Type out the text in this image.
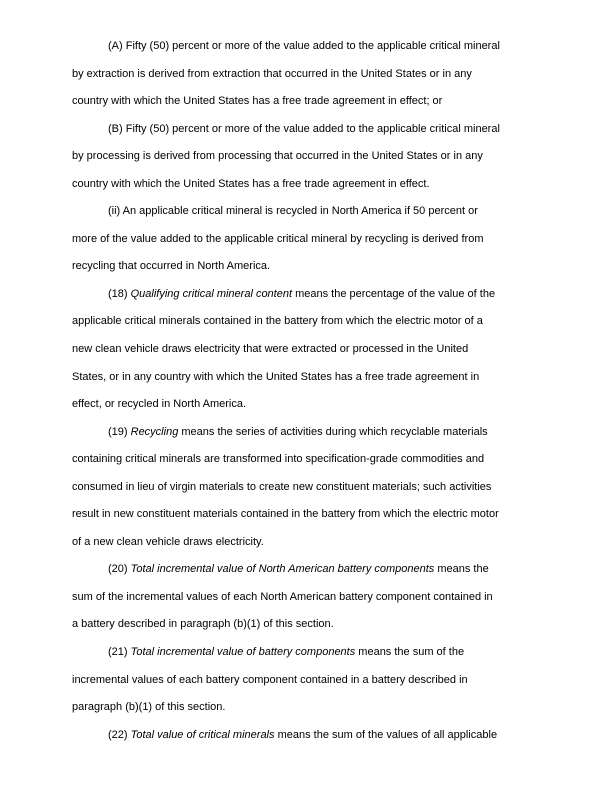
(A) Fifty (50) percent or more of the value added to the applicable critical mineral
by extraction is derived from extraction that occurred in the United States or in any
country with which the United States has a free trade agreement in effect; or

(B) Fifty (50) percent or more of the value added to the applicable critical mineral
by processing is derived from processing that occurred in the United States or in any
country with which the United States has a free trade agreement in effect.

(ii) An applicable critical mineral is recycled in North America if 50 percent or
more of the value added to the applicable critical mineral by recycling is derived from
recycling that occurred in North America.

(18) Qualifying critical mineral content means the percentage of the value of the
applicable critical minerals contained in the battery from which the electric motor of a
new clean vehicle draws electricity that were extracted or processed in the United
States, or in any country with which the United States has a free trade agreement in
effect, or recycled in North America.

(19) Recycling means the series of activities during which recyclable materials
containing critical minerals are transformed into specification-grade commodities and
consumed in lieu of virgin materials to create new constituent materials; such activities
result in new constituent materials contained in the battery from which the electric motor
of a new clean vehicle draws electricity.

(20) Total incremental value of North American battery components means the
sum of the incremental values of each North American battery component contained in
a battery described in paragraph (b)(1) of this section.

(21) Total incremental value of battery components means the sum of the
incremental values of each battery component contained in a battery described in
paragraph (b)(1) of this section.

(22) Total value of critical minerals means the sum of the values of all applicable
